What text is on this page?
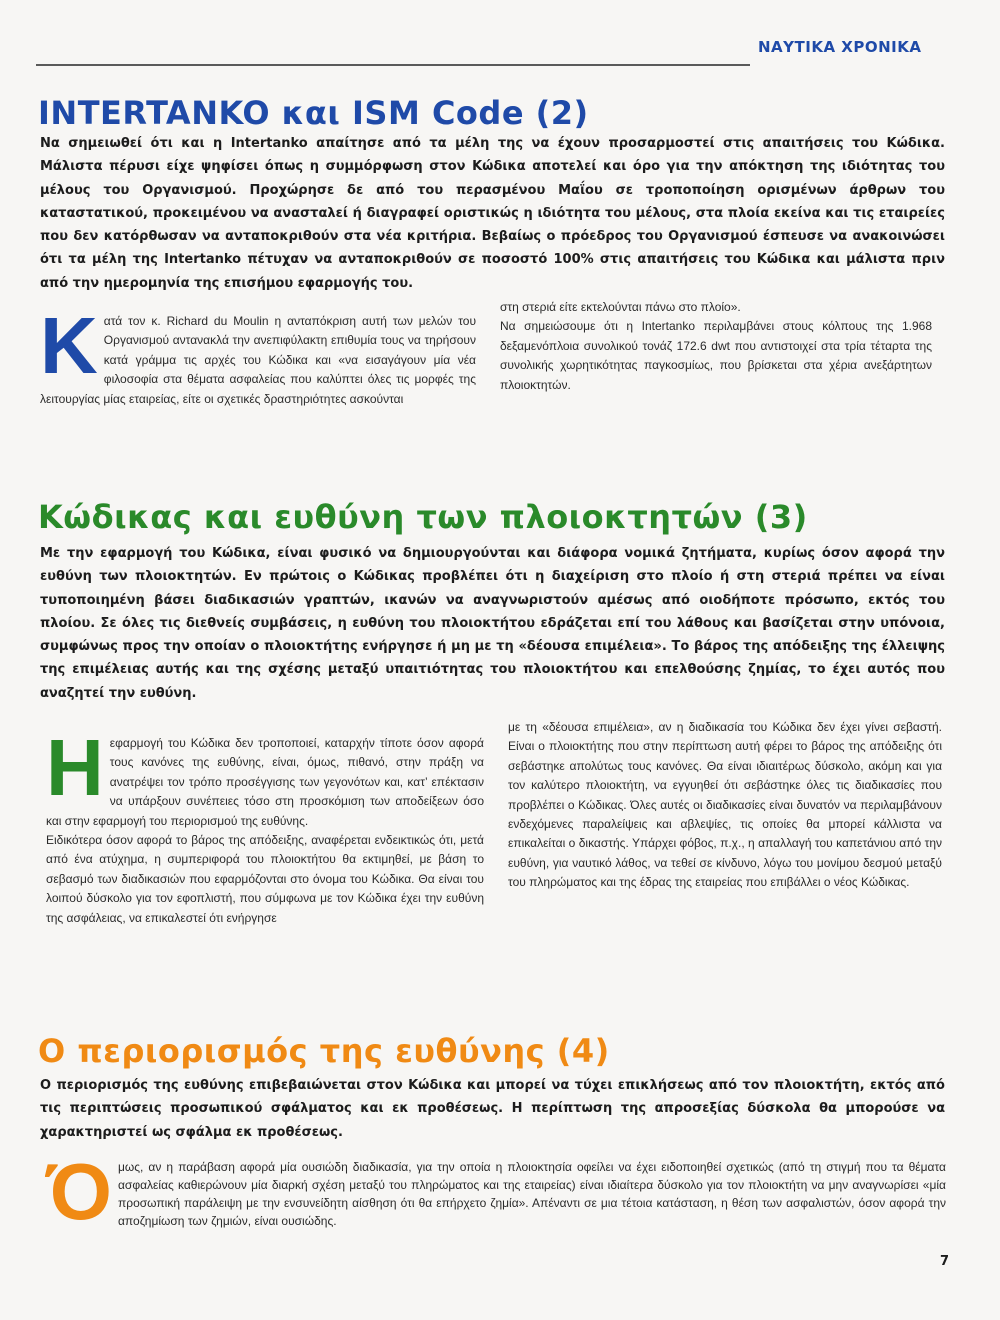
ΝΑΥΤΙΚΑ ΧΡΟΝΙΚΑ
INTERTANKO και ISM Code (2)
Να σημειωθεί ότι και η Intertanko απαίτησε από τα μέλη της να έχουν προσαρμοστεί στις απαιτήσεις του Κώδικα. Μάλιστα πέρυσι είχε ψηφίσει όπως η συμμόρφωση στον Κώδικα αποτελεί και όρο για την απόκτηση της ιδιότητας του μέλους του Οργανισμού. Προχώρησε δε από του περασμένου Μαΐου σε τροποποίηση ορισμένων άρθρων του καταστατικού, προκειμένου να ανασταλεί ή διαγραφεί οριστικώς η ιδιότητα του μέλους, στα πλοία εκείνα και τις εταιρείες που δεν κατόρθωσαν να ανταποκριθούν στα νέα κριτήρια. Βεβαίως ο πρόεδρος του Οργανισμού έσπευσε να ανακοινώσει ότι τα μέλη της Intertanko πέτυχαν να ανταποκριθούν σε ποσοστό 100% στις απαιτήσεις του Κώδικα και μάλιστα πριν από την ημερομηνία της επισήμου εφαρμογής του.
Κ ατά τον κ. Richard du Moulin η ανταπόκριση αυτή των μελών του Οργανισμού αντανακλά την ανεπιφύλακτη επιθυμία τους να τηρήσουν κατά γράμμα τις αρχές του Κώδικα και «να εισαγάγουν μία νέα φιλοσοφία στα θέματα ασφαλείας που καλύπτει όλες τις μορφές της λειτουργίας μίας εταιρείας, είτε οι σχετικές δραστηριότητες ασκούνται

στη στεριά είτε εκτελούνται πάνω στο πλοίο».

Να σημειώσουμε ότι η Intertanko περιλαμβάνει στους κόλπους της 1.968 δεξαμενόπλοια συνολικού τονάζ 172.6 dwt που αντιστοιχεί στα τρία τέταρτα της συνολικής χωρητικότητας παγκοσμίως, που βρίσκεται στα χέρια ανεξάρτητων πλοιοκτητών.

Κώδικας και ευθύνη των πλοιοκτητών (3)
Με την εφαρμογή του Κώδικα, είναι φυσικό να δημιουργούνται και διάφορα νομικά ζητήματα, κυρίως όσον αφορά την ευθύνη των πλοιοκτητών. Εν πρώτοις ο Κώδικας προβλέπει ότι η διαχείριση στο πλοίο ή στη στεριά πρέπει να είναι τυποποιημένη βάσει διαδικασιών γραπτών, ικανών να αναγνωριστούν αμέσως από οιοδήποτε πρόσωπο, εκτός του πλοίου. Σε όλες τις διεθνείς συμβάσεις, η ευθύνη του πλοιοκτήτου εδράζεται επί του λάθους και βασίζεται στην υπόνοια, συμφώνως προς την οποίαν ο πλοιοκτήτης ενήργησε ή μη με τη «δέουσα επιμέλεια». Το βάρος της απόδειξης της έλλειψης της επιμέλειας αυτής και της σχέσης μεταξύ υπαιτιότητας του πλοιοκτήτου και επελθούσης ζημίας, το έχει αυτός που αναζητεί την ευθύνη.
Η εφαρμογή του Κώδικα δεν τροποποιεί, καταρχήν τίποτε όσον αφορά τους κανόνες της ευθύνης, είναι, όμως, πιθανό, στην πράξη να ανατρέψει τον τρόπο προσέγγισης των γεγονότων και, κατ’ επέκτασιν να υπάρξουν συνέπειες τόσο στη προσκόμιση των αποδείξεων όσο και στην εφαρμογή του περιορισμού της ευθύνης.

Ειδικότερα όσον αφορά το βάρος της απόδειξης, αναφέρεται ενδεικτικώς ότι, μετά από ένα ατύχημα, η συμπεριφορά του πλοιοκτήτου θα εκτιμηθεί, με βάση το σεβασμό των διαδικασιών που εφαρμόζονται στο όνομα του Κώδικα. Θα είναι του λοιπού δύσκολο για τον εφοπλιστή, που σύμφωνα με τον Κώδικα έχει την ευθύνη της ασφάλειας, να επικαλεστεί ότι ενήργησε

με τη «δέουσα επιμέλεια», αν η διαδικασία του Κώδικα δεν έχει γίνει σεβαστή. Είναι ο πλοιοκτήτης που στην περίπτωση αυτή φέρει το βάρος της απόδειξης ότι σεβάστηκε απολύτως τους κανόνες. Θα είναι ιδιαιτέρως δύσκολο, ακόμη και για τον καλύτερο πλοιοκτήτη, να εγγυηθεί ότι σεβάστηκε όλες τις διαδικασίες που προβλέπει ο Κώδικας. Όλες αυτές οι διαδικασίες είναι δυνατόν να περιλαμβάνουν ενδεχόμενες παραλείψεις και αβλεψίες, τις οποίες θα μπορεί κάλλιστα να επικαλείται ο δικαστής. Υπάρχει φόβος, π.χ., η απαλλαγή του καπετάνιου από την ευθύνη, για ναυτικό λάθος, να τεθεί σε κίνδυνο, λόγω του μονίμου δεσμού μεταξύ του πληρώματος και της έδρας της εταιρείας που επιβάλλει ο νέος Κώδικας.

Ο περιορισμός της ευθύνης (4)
Ο περιορισμός της ευθύνης επιβεβαιώνεται στον Κώδικα και μπορεί να τύχει επικλήσεως από τον πλοιοκτήτη, εκτός από τις περιπτώσεις προσωπικού σφάλματος και εκ προθέσεως. Η περίπτωση της απροσεξίας δύσκολα θα μπορούσε να χαρακτηριστεί ως σφάλμα εκ προθέσεως.
Ό μως, αν η παράβαση αφορά μία ουσιώδη διαδικασία, για την οποία η πλοιοκτησία οφείλει να έχει ειδοποιηθεί σχετικώς (από τη στιγμή που τα θέματα ασφαλείας καθιερώνουν μία διαρκή σχέση μεταξύ του πληρώματος και της εταιρείας) είναι ιδιαίτερα δύσκολο για τον πλοιοκτήτη να μην αναγνωρίσει «μία προσωπική παράλειψη με την ενσυνείδητη αίσθηση ότι θα επήρχετο ζημία». Απέναντι σε μια τέτοια κατάσταση, η θέση των ασφαλιστών, όσον αφορά την αποζημίωση των ζημιών, είναι ουσιώδης.

7
